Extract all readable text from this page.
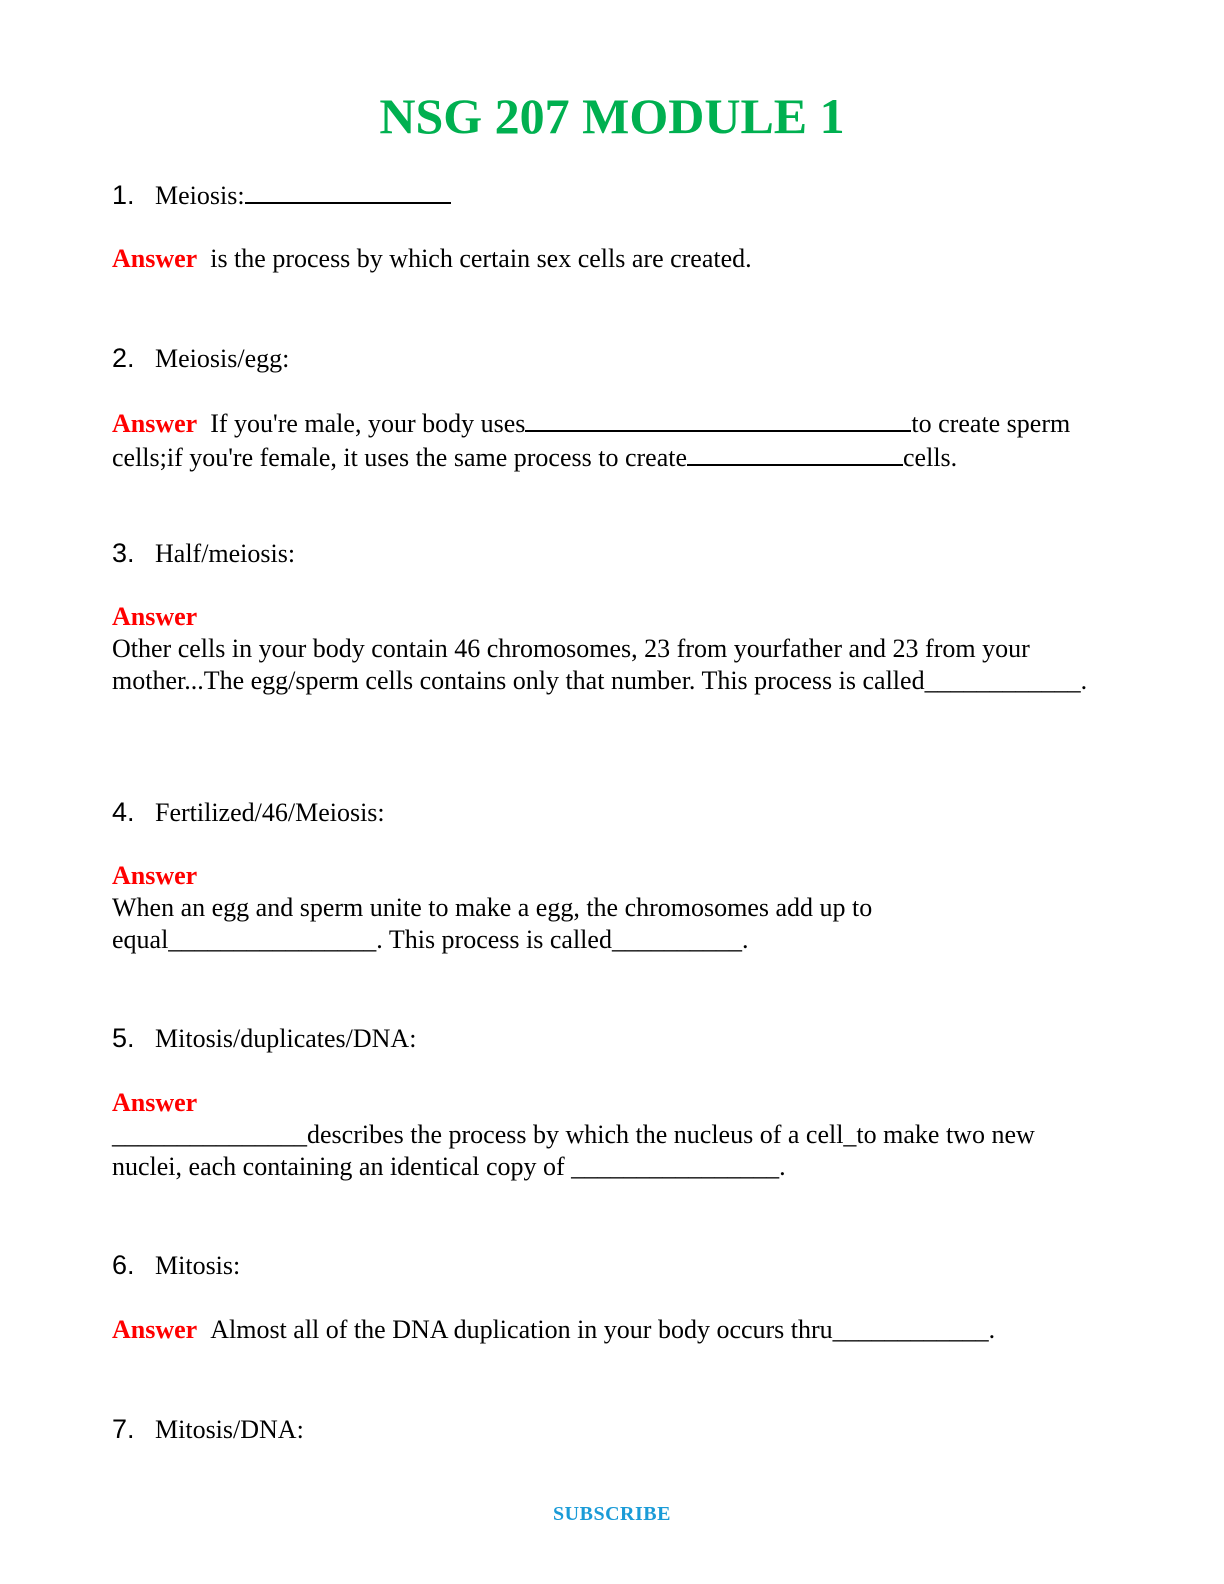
NSG 207 MODULE 1
1. Meiosis:
Answer is the process by which certain sex cells are created.
2. Meiosis/egg:
Answer If you're male, your body uses	to create sperm
cells;if you're female, it uses the same process to create	cells.
3. Half/meiosis:
Answer
Other cells in your body contain 46 chromosomes, 23 from yourfather and 23 from your mother...The egg/sperm cells contains only that number. This process is called____________.
4. Fertilized/46/Meiosis:
Answer
When an egg and sperm unite to make a egg, the chromosomes add up to
equal________________. This process is called__________.
5. Mitosis/duplicates/DNA:
Answer
_______________describes the process by which the nucleus of a cell_to make two new
nuclei, each containing an identical copy of ________________.
6. Mitosis:
Answer Almost all of the DNA duplication in your body occurs thru____________.
7. Mitosis/DNA:
SUBSCRIBE
